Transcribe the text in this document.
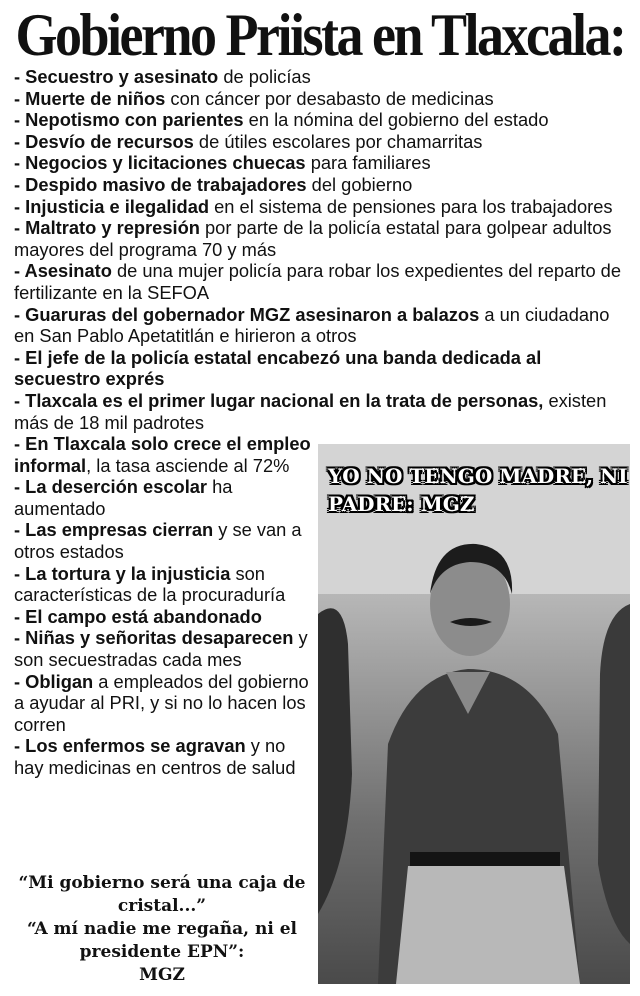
Gobierno Priista en Tlaxcala:
- Secuestro y asesinato de policías
- Muerte de niños con cáncer por desabasto de medicinas
- Nepotismo con parientes en la nómina del gobierno del estado
- Desvío de recursos de útiles escolares por chamarritas
- Negocios y licitaciones chuecas para familiares
- Despido masivo de trabajadores del gobierno
- Injusticia e ilegalidad en el sistema de pensiones para los trabajadores
- Maltrato y represión por parte de la policía estatal para golpear adultos mayores del programa 70 y más
- Asesinato de una mujer policía para robar los expedientes del reparto de fertilizante en la SEFOA
- Guaruras del gobernador MGZ asesinaron a balazos a un ciudadano en San Pablo Apetatitlán e hirieron a otros
- El jefe de la policía estatal encabezó una banda dedicada al secuestro exprés
- Tlaxcala es el primer lugar nacional en la trata de personas, existen más de 18 mil padrotes
- En Tlaxcala solo crece el empleo informal, la tasa asciende al 72%
- La deserción escolar ha aumentado
- Las empresas cierran y se van a otros estados
- La tortura y la injusticia son características de la procuraduría
- El campo está abandonado
- Niñas y señoritas desaparecen y son secuestradas cada mes
- Obligan a empleados del gobierno a ayudar al PRI, y si no lo hacen los corren
- Los enfermos se agravan y no hay medicinas en centros de salud
YO NO TENGO MADRE, NI PADRE: MGZ
“Mi gobierno será una caja de cristal...”
“A mí nadie me regaña, ni el presidente EPN”:
MGZ
